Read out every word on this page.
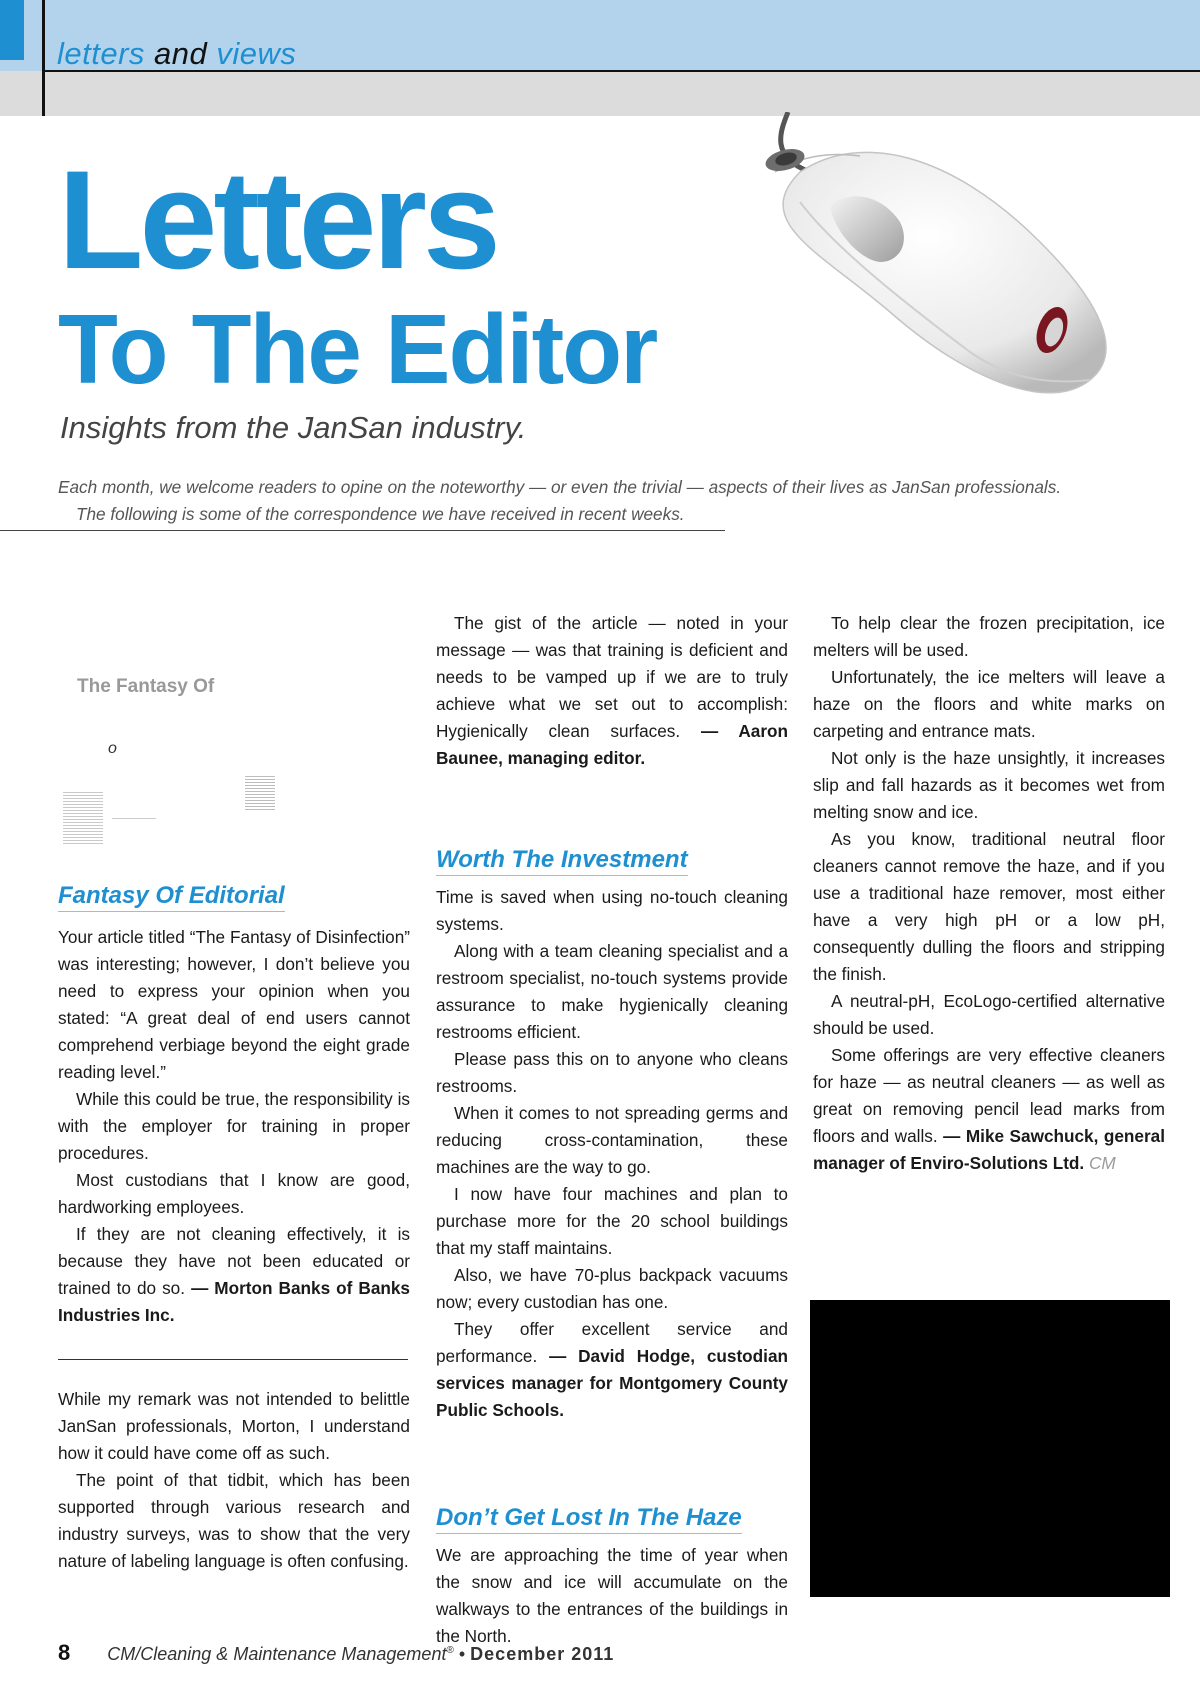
letters and views
Letters
To The Editor
Insights from the JanSan industry.
Each month, we welcome readers to opine on the noteworthy — or even the trivial — aspects of their lives as JanSan professionals.
The following is some of the correspondence we have received in recent weeks.
The Fantasy Of
o
Fantasy Of Editorial

Your article titled “The Fantasy of Disinfection” was interesting; however, I don’t believe you need to express your opinion when you stated: “A great deal of end users cannot comprehend verbiage beyond the eight grade reading level.”

While this could be true, the responsibility is with the employer for training in proper procedures.

Most custodians that I know are good, hardworking employees.

If they are not cleaning effectively, it is because they have not been educated or trained to do so. — Morton Banks of Banks Industries Inc.

While my remark was not intended to belittle JanSan professionals, Morton, I understand how it could have come off as such.

The point of that tidbit, which has been supported through various research and industry surveys, was to show that the very nature of labeling language is often confusing.

The gist of the article — noted in your message — was that training is deficient and needs to be vamped up if we are to truly achieve what we set out to accomplish: Hygienically clean surfaces. — Aaron Baunee, managing editor.

Worth The Investment

Time is saved when using no-touch cleaning systems.

Along with a team cleaning specialist and a restroom specialist, no-touch systems provide assurance to make hygienically cleaning restrooms efficient.

Please pass this on to anyone who cleans restrooms.

When it comes to not spreading germs and reducing cross-contamination, these machines are the way to go.

I now have four machines and plan to purchase more for the 20 school buildings that my staff maintains.

Also, we have 70-plus backpack vacuums now; every custodian has one.

They offer excellent service and performance. — David Hodge, custodian services manager for Montgomery County Public Schools.

Don’t Get Lost In The Haze

We are approaching the time of year when the snow and ice will accumulate on the walkways to the entrances of the buildings in the North.

To help clear the frozen precipitation, ice melters will be used.

Unfortunately, the ice melters will leave a haze on the floors and white marks on carpeting and entrance mats.

Not only is the haze unsightly, it increases slip and fall hazards as it becomes wet from melting snow and ice.

As you know, traditional neutral floor cleaners cannot remove the haze, and if you use a traditional haze remover, most either have a very high pH or a low pH, consequently dulling the floors and stripping the finish.

A neutral-pH, EcoLogo-certified alternative should be used.

Some offerings are very effective cleaners for haze — as neutral cleaners — as well as great on removing pencil lead marks from floors and walls. — Mike Sawchuck, general manager of Enviro-Solutions Ltd. CM

8 CM/Cleaning & Maintenance Management® • December 2011
